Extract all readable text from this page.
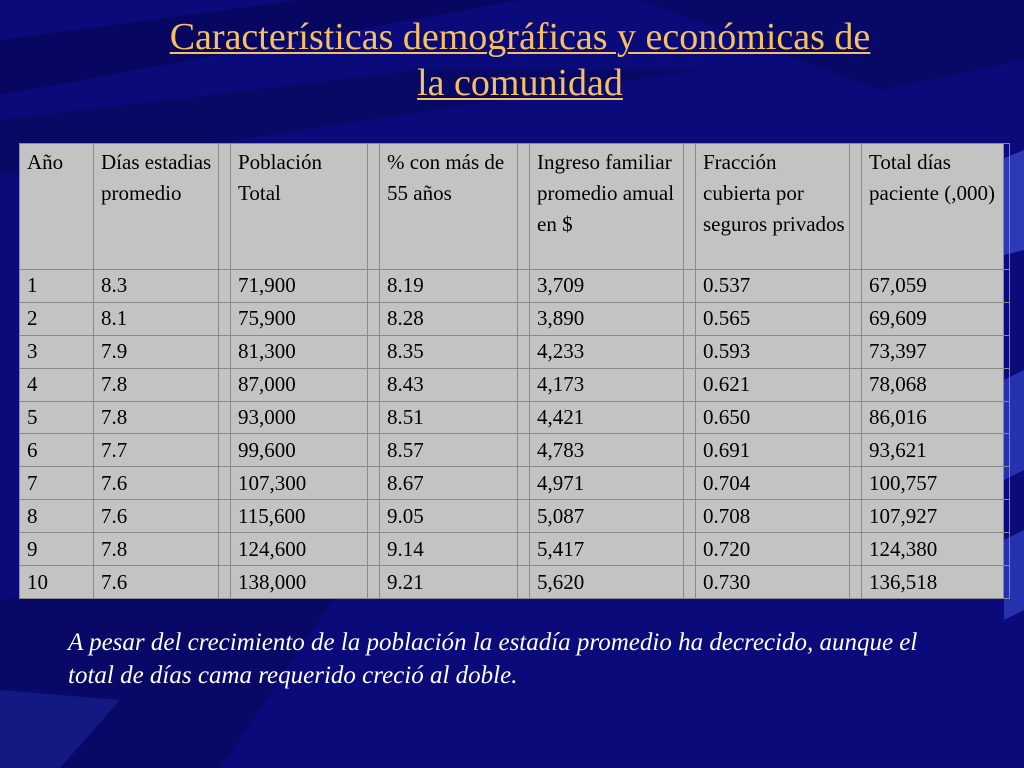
Características demográficas y económicas de
la comunidad
Año	Días estadias promedio		Población Total		% con más de 55 años		Ingreso familiar promedio amual en $		Fracción cubierta por seguros privados		Total días paciente (,000)	
1	8.3		71,900		8.19		3,709		0.537		67,059	
2	8.1		75,900		8.28		3,890		0.565		69,609	
3	7.9		81,300		8.35		4,233		0.593		73,397	
4	7.8		87,000		8.43		4,173		0.621		78,068	
5	7.8		93,000		8.51		4,421		0.650		86,016	
6	7.7		99,600		8.57		4,783		0.691		93,621	
7	7.6		107,300		8.67		4,971		0.704		100,757	
8	7.6		115,600		9.05		5,087		0.708		107,927	
9	7.8		124,600		9.14		5,417		0.720		124,380	
10	7.6		138,000		9.21		5,620		0.730		136,518	
A pesar del crecimiento de la población la estadía promedio ha decrecido, aunque el total de días cama requerido creció al doble.
